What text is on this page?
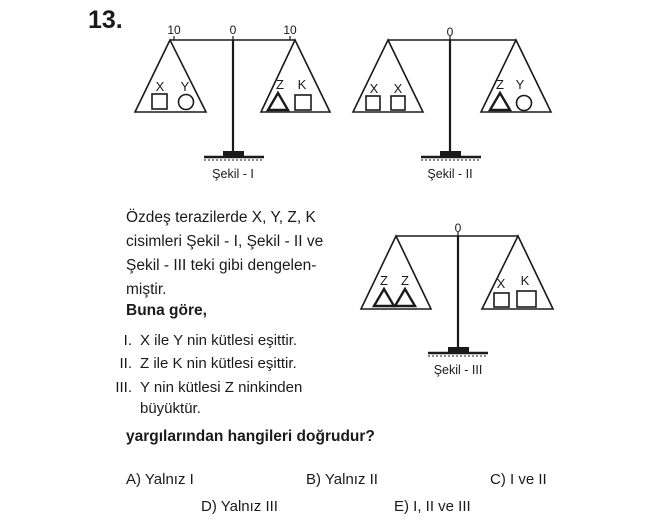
13.	10	0	10
X Y	Z K
Şekil - I
0
X X	Z Y
Şekil - II
0
Z Z	X K
Şekil - III
Özdeş terazilerde X, Y, Z, K
cisimleri Şekil - I, Şekil - II ve
Şekil - III teki gibi dengelen-
miştir.
Buna göre,
I. X ile Y nin kütlesi eşittir.
II. Z ile K nin kütlesi eşittir.
III. Y nin kütlesi Z ninkinden
büyüktür.
yargılarından hangileri doğrudur?
A) Yalnız I	B) Yalnız II	C) I ve II
D) Yalnız III	E) I, II ve III
